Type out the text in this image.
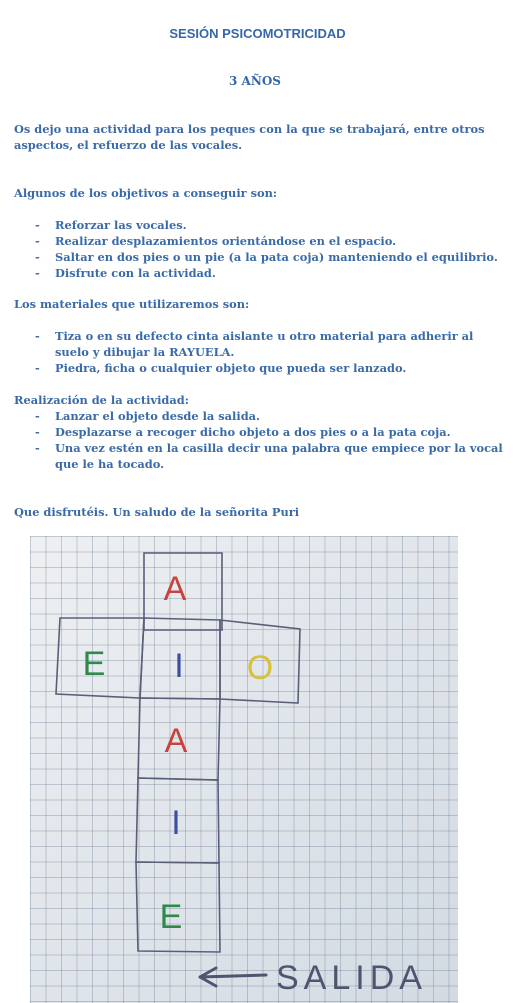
SESIÓN PSICOMOTRICIDAD
3 AÑOS
Os dejo una actividad para los peques con la que se trabajará, entre otros aspectos, el refuerzo de las vocales.
Algunos de los objetivos a conseguir son:
- Reforzar las vocales.
- Realizar desplazamientos orientándose en el espacio.
- Saltar en dos pies o un pie (a la pata coja) manteniendo el equilibrio.
- Disfrute con la actividad.
Los materiales que utilizaremos son:
- Tiza o en su defecto cinta aislante u otro material para adherir al suelo y dibujar la RAYUELA.
- Piedra, ficha o cualquier objeto que pueda ser lanzado.
Realización de la actividad:
- Lanzar el objeto desde la salida.
- Desplazarse a recoger dicho objeto a dos pies o a la pata coja.
- Una vez estén en la casilla decir una palabra que empiece por la vocal que le ha tocado.
Que disfrutéis. Un saludo de la señorita Puri
A
E I O
A
I
E
SALIDA
